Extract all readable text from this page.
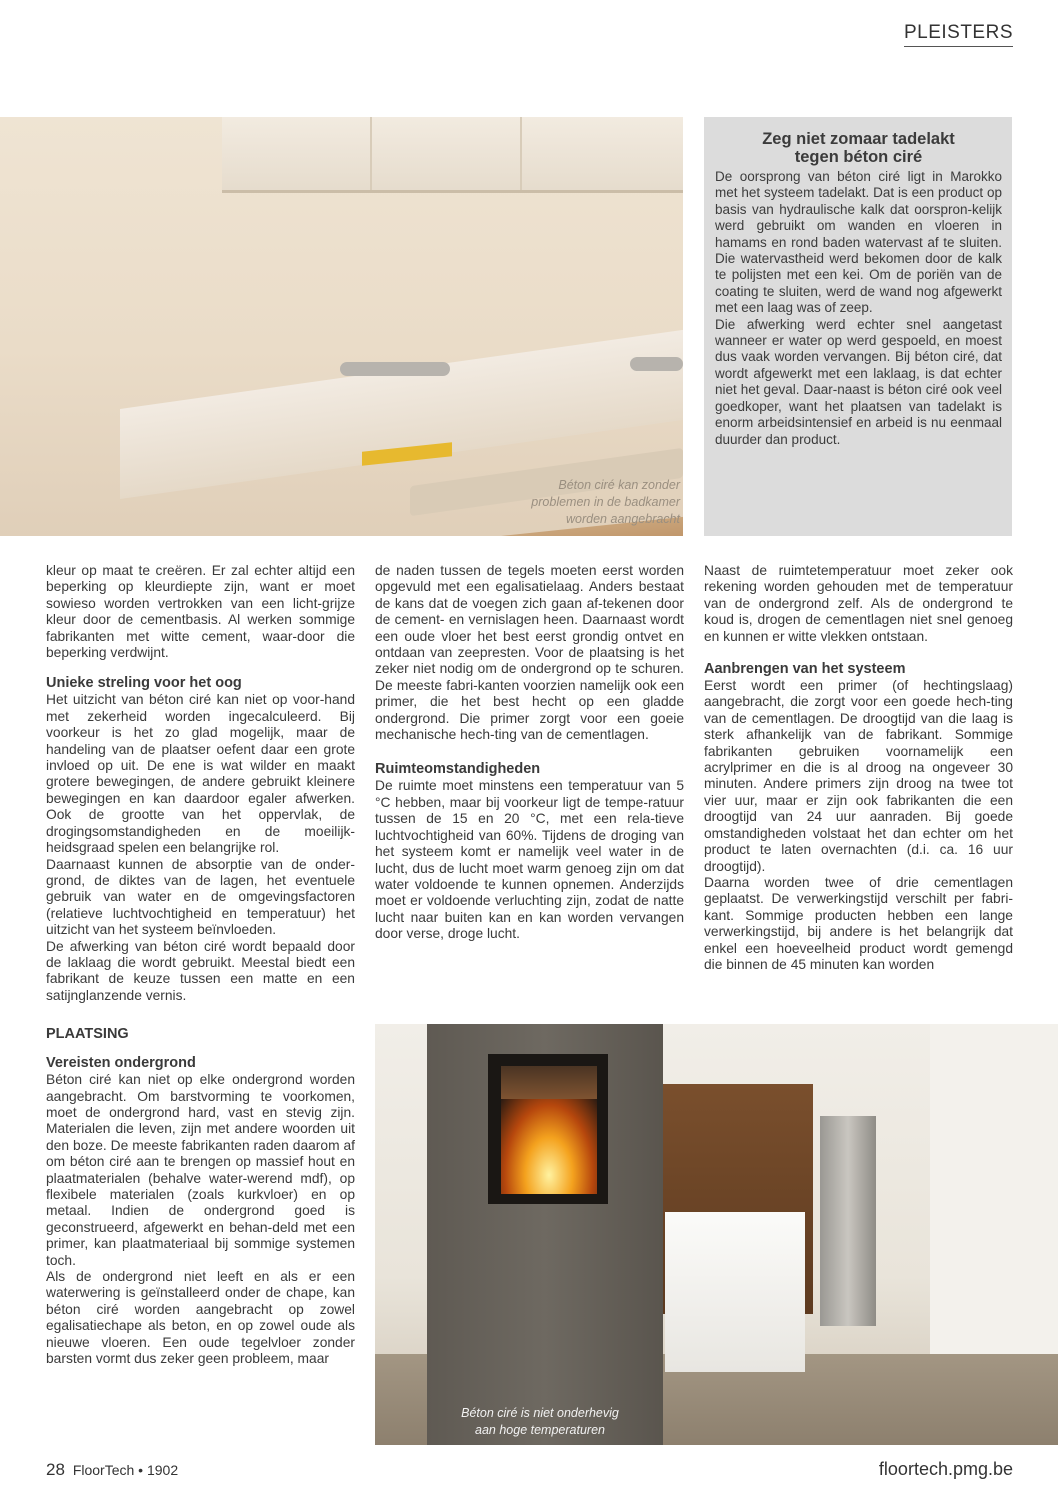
PLEISTERS
Béton ciré kan zonder
problemen in de badkamer
worden aangebracht
Zeg niet zomaar tadelakt
tegen béton ciré
De oorsprong van béton ciré ligt in Marokko met het systeem tadelakt. Dat is een product op basis van hydraulische kalk dat oorspron-kelijk werd gebruikt om wanden en vloeren in hamams en rond baden watervast af te sluiten. Die watervastheid werd bekomen door de kalk te polijsten met een kei. Om de poriën van de coating te sluiten, werd de wand nog afgewerkt met een laag was of zeep.
Die afwerking werd echter snel aangetast wanneer er water op werd gespoeld, en moest dus vaak worden vervangen. Bij béton ciré, dat wordt afgewerkt met een laklaag, is dat echter niet het geval. Daar-naast is béton ciré ook veel goedkoper, want het plaatsen van tadelakt is enorm arbeidsintensief en arbeid is nu eenmaal duurder dan product.

kleur op maat te creëren. Er zal echter altijd een beperking op kleurdiepte zijn, want er moet sowieso worden vertrokken van een licht-grijze kleur door de cementbasis. Al werken sommige fabrikanten met witte cement, waar-door die beperking verdwijnt.

Unieke streling voor het oog

Het uitzicht van béton ciré kan niet op voor-hand met zekerheid worden ingecalculeerd. Bij voorkeur is het zo glad mogelijk, maar de handeling van de plaatser oefent daar een grote invloed op uit. De ene is wat wilder en maakt grotere bewegingen, de andere gebruikt kleinere bewegingen en kan daardoor egaler afwerken. Ook de grootte van het oppervlak, de drogingsomstandigheden en de moeilijk-heidsgraad spelen een belangrijke rol.

Daarnaast kunnen de absorptie van de onder-grond, de diktes van de lagen, het eventuele gebruik van water en de omgevingsfactoren (relatieve luchtvochtigheid en temperatuur) het uitzicht van het systeem beïnvloeden.

De afwerking van béton ciré wordt bepaald door de laklaag die wordt gebruikt. Meestal biedt een fabrikant de keuze tussen een matte en een satijnglanzende vernis.

PLAATSING
Vereisten ondergrond

Béton ciré kan niet op elke ondergrond worden aangebracht. Om barstvorming te voorkomen, moet de ondergrond hard, vast en stevig zijn. Materialen die leven, zijn met andere woorden uit den boze. De meeste fabrikanten raden daarom af om béton ciré aan te brengen op massief hout en plaatmaterialen (behalve water-werend mdf), op flexibele materialen (zoals kurkvloer) en op metaal. Indien de ondergrond goed is geconstrueerd, afgewerkt en behan-deld met een primer, kan plaatmateriaal bij sommige systemen toch.

Als de ondergrond niet leeft en als er een waterwering is geïnstalleerd onder de chape, kan béton ciré worden aangebracht op zowel egalisatiechape als beton, en op zowel oude als nieuwe vloeren. Een oude tegelvloer zonder barsten vormt dus zeker geen probleem, maar

de naden tussen de tegels moeten eerst worden opgevuld met een egalisatielaag. Anders bestaat de kans dat de voegen zich gaan af-tekenen door de cement- en vernislagen heen. Daarnaast wordt een oude vloer het best eerst grondig ontvet en ontdaan van zeepresten. Voor de plaatsing is het zeker niet nodig om de ondergrond op te schuren. De meeste fabri-kanten voorzien namelijk ook een primer, die het best hecht op een gladde ondergrond. Die primer zorgt voor een goeie mechanische hech-ting van de cementlagen.

Ruimteomstandigheden

De ruimte moet minstens een temperatuur van 5 °C hebben, maar bij voorkeur ligt de tempe-ratuur tussen de 15 en 20 °C, met een rela-tieve luchtvochtigheid van 60%. Tijdens de droging van het systeem komt er namelijk veel water in de lucht, dus de lucht moet warm genoeg zijn om dat water voldoende te kunnen opnemen. Anderzijds moet er voldoende verluchting zijn, zodat de natte lucht naar buiten kan en kan worden vervangen door verse, droge lucht.

Naast de ruimtetemperatuur moet zeker ook rekening worden gehouden met de temperatuur van de ondergrond zelf. Als de ondergrond te koud is, drogen de cementlagen niet snel genoeg en kunnen er witte vlekken ontstaan.

Aanbrengen van het systeem

Eerst wordt een primer (of hechtingslaag) aangebracht, die zorgt voor een goede hech-ting van de cementlagen. De droogtijd van die laag is sterk afhankelijk van de fabrikant. Sommige fabrikanten gebruiken voornamelijk een acrylprimer en die is al droog na ongeveer 30 minuten. Andere primers zijn droog na twee tot vier uur, maar er zijn ook fabrikanten die een droogtijd van 24 uur aanraden. Bij goede omstandigheden volstaat het dan echter om het product te laten overnachten (d.i. ca. 16 uur droogtijd).

Daarna worden twee of drie cementlagen geplaatst. De verwerkingstijd verschilt per fabri-kant. Sommige producten hebben een lange verwerkingstijd, bij andere is het belangrijk dat enkel een hoeveelheid product wordt gemengd die binnen de 45 minuten kan worden

Béton ciré is niet onderhevig
aan hoge temperaturen
28 FloorTech • 1902	floortech.pmg.be
